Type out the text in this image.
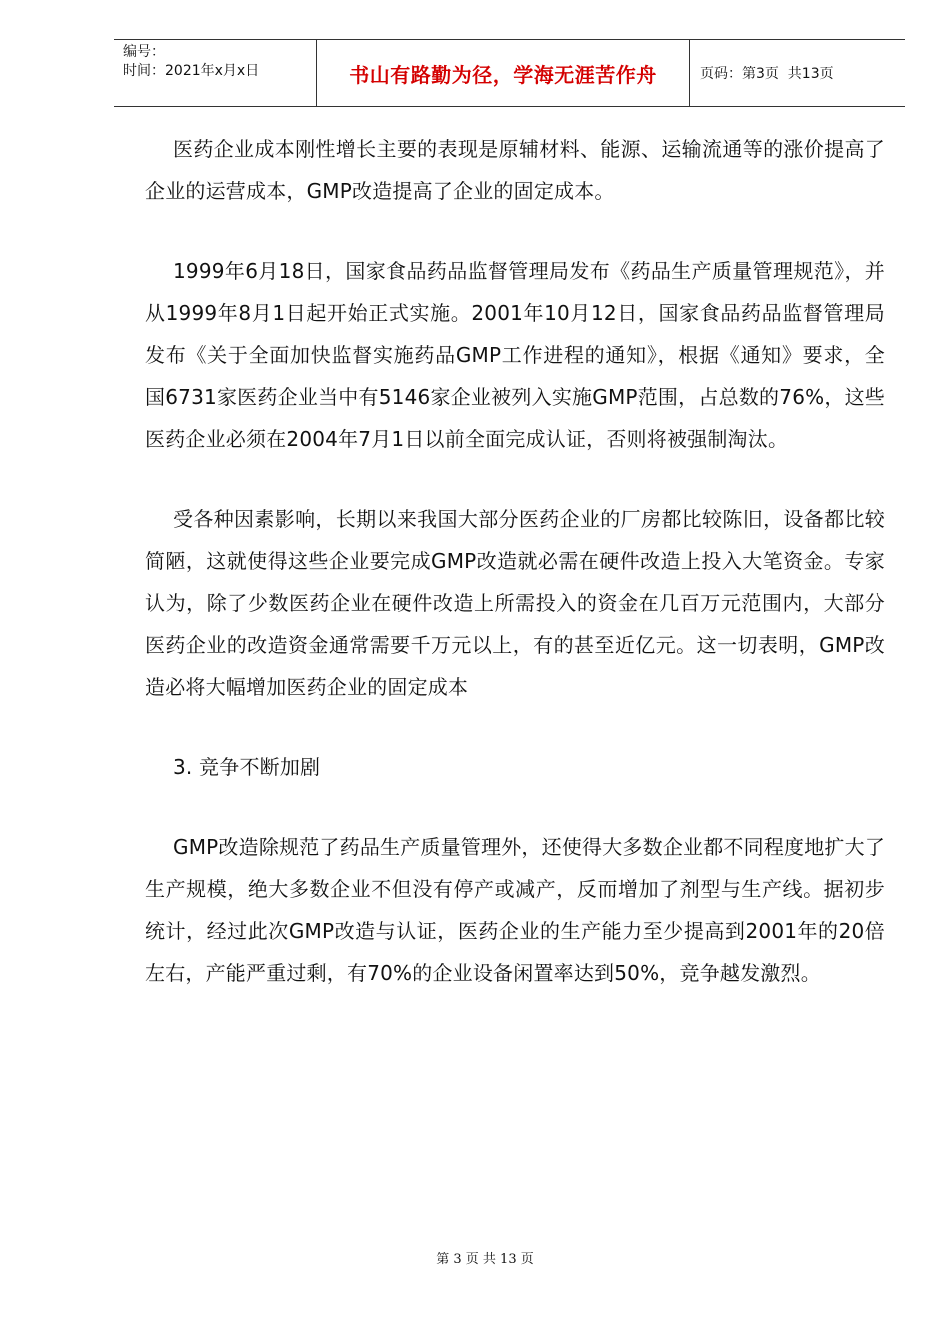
编号：
时间：2021年x月x日	书山有路勤为径，学海无涯苦作舟	页码：第3页  共13页

医药企业成本刚性增长主要的表现是原辅材料、能源、运输流通等的涨价提高了企业的运营成本，GMP改造提高了企业的固定成本。

1999年6月18日，国家食品药品监督管理局发布《药品生产质量管理规范》，并从1999年8月1日起开始正式实施。2001年10月12日，国家食品药品监督管理局发布《关于全面加快监督实施药品GMP工作进程的通知》，根据《通知》要求，全国6731家医药企业当中有5146家企业被列入实施GMP范围，占总数的76%，这些医药企业必须在2004年7月1日以前全面完成认证，否则将被强制淘汰。

受各种因素影响，长期以来我国大部分医药企业的厂房都比较陈旧，设备都比较简陋，这就使得这些企业要完成GMP改造就必需在硬件改造上投入大笔资金。专家认为，除了少数医药企业在硬件改造上所需投入的资金在几百万元范围内，大部分医药企业的改造资金通常需要千万元以上，有的甚至近亿元。这一切表明，GMP改造必将大幅增加医药企业的固定成本

3. 竞争不断加剧

GMP改造除规范了药品生产质量管理外，还使得大多数企业都不同程度地扩大了生产规模，绝大多数企业不但没有停产或减产，反而增加了剂型与生产线。据初步统计，经过此次GMP改造与认证，医药企业的生产能力至少提高到2001年的20倍左右，产能严重过剩，有70%的企业设备闲置率达到50%，竞争越发激烈。

第 3 页 共 13 页
